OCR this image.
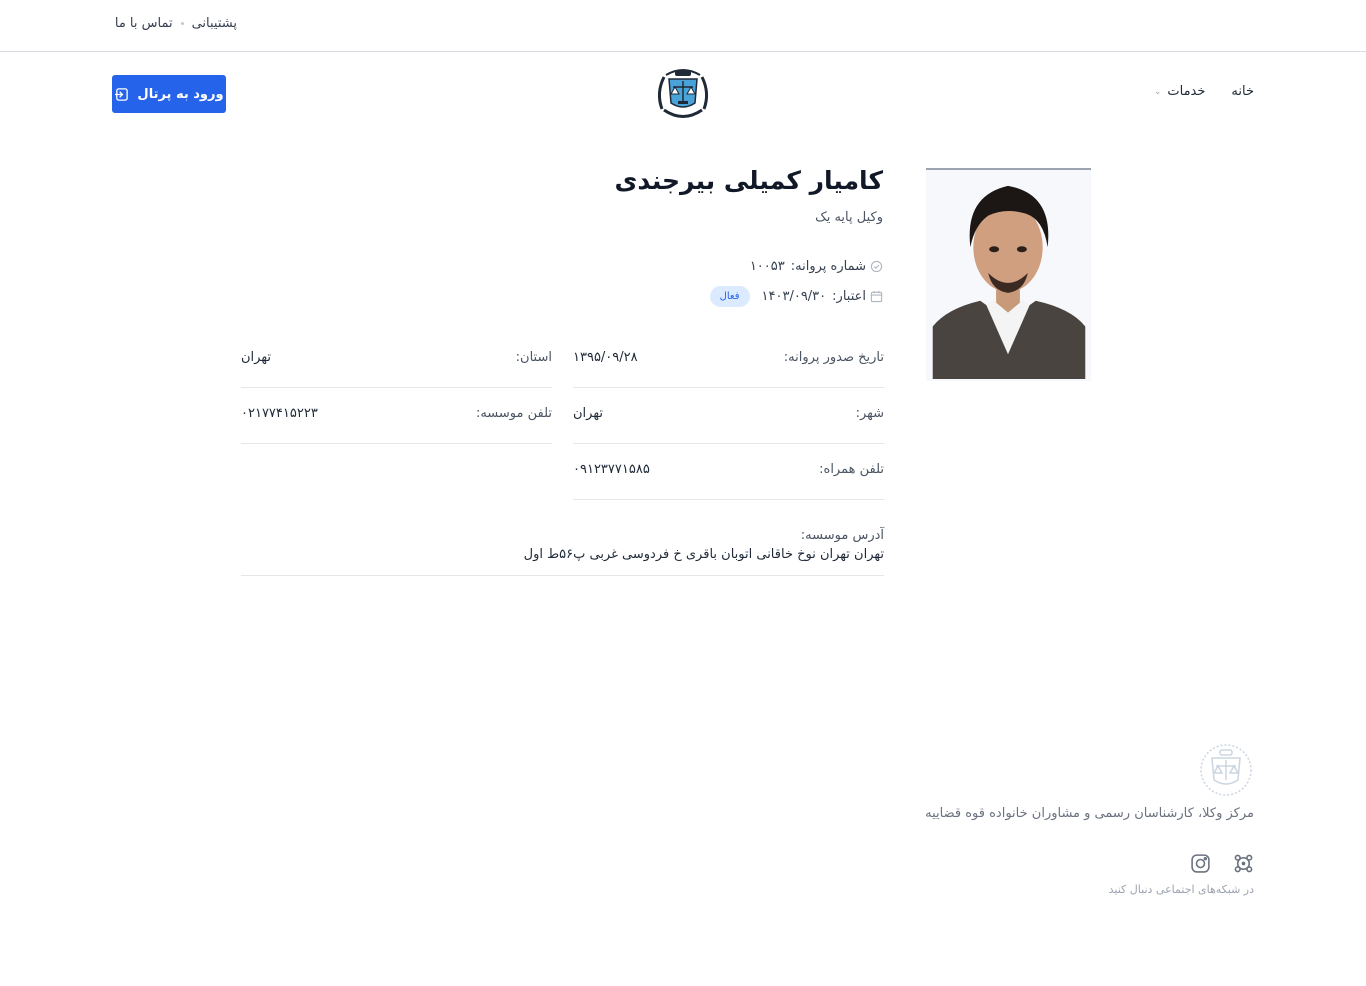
پشتیبانی
تماس با ما
خانه
خدمات
⌄
ورود به پرتال
کامیار کمیلی بیرجندی
وکیل پایه یک
شماره پروانه:
۱۰۰۵۳
اعتبار:
۱۴۰۳/۰۹/۳۰
فعال
تاریخ صدور پروانه:
۱۳۹۵/۰۹/۲۸
استان:
تهران
شهر:
تهران
تلفن موسسه:
۰۲۱۷۷۴۱۵۲۲۳
تلفن همراه:
۰۹۱۲۳۷۷۱۵۸۵
آدرس موسسه:
تهران تهران نوخ خاقانی اتوبان باقری خ فردوسی غربی پ۵۶ط اول
مرکز وکلا، کارشناسان رسمی و مشاوران خانواده قوه قضاییه
در شبکه‌های اجتماعی دنبال کنید
